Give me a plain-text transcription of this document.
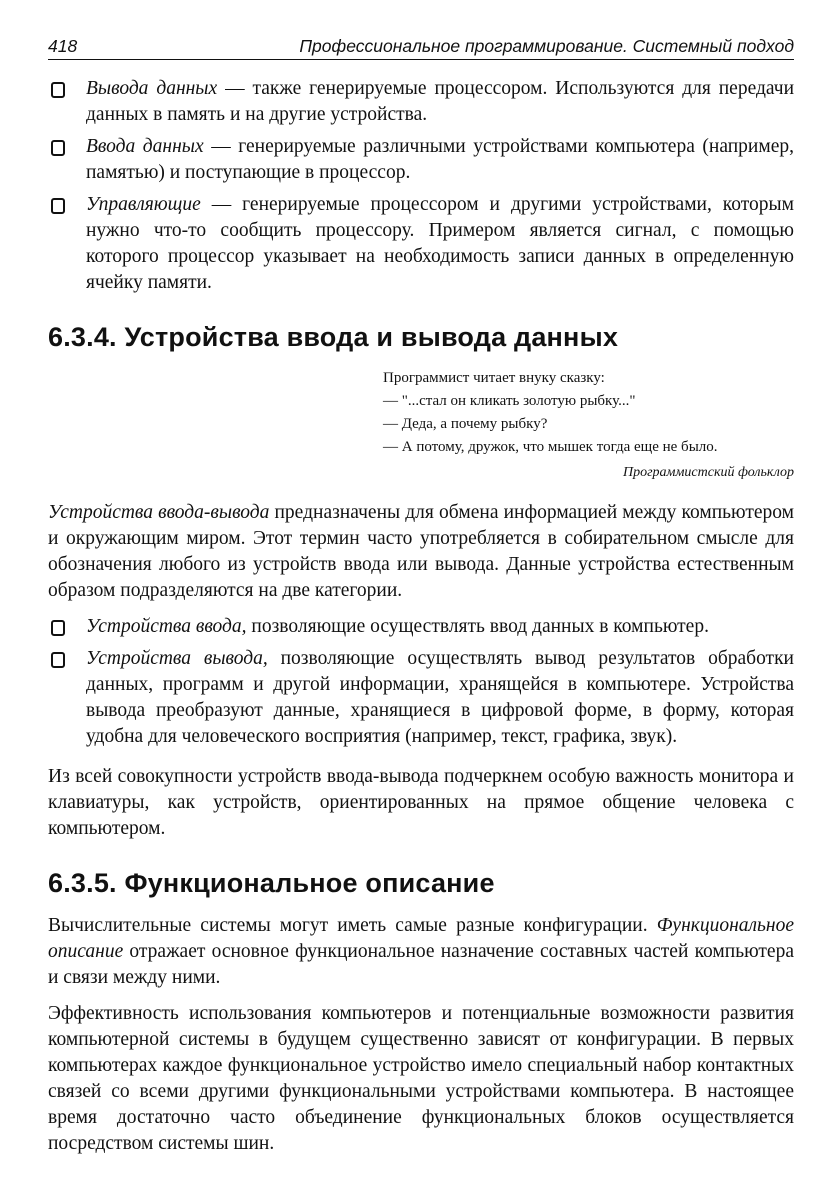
418	Профессиональное программирование. Системный подход
Вывода данных — также генерируемые процессором. Используются для передачи данных в память и на другие устройства.
Ввода данных — генерируемые различными устройствами компьютера (например, памятью) и поступающие в процессор.
Управляющие — генерируемые процессором и другими устройствами, которым нужно что-то сообщить процессору. Примером является сигнал, с помощью которого процессор указывает на необходимость записи данных в определенную ячейку памяти.
6.3.4. Устройства ввода и вывода данных
Программист читает внуку сказку:
— "...стал он кликать золотую рыбку..."
— Деда, а почему рыбку?
— А потому, дружок, что мышек тогда еще не было.
Программистский фольклор

Устройства ввода-вывода предназначены для обмена информацией между компьютером и окружающим миром. Этот термин часто употребляется в собирательном смысле для обозначения любого из устройств ввода или вывода. Данные устройства естественным образом подразделяются на две категории.

Устройства ввода, позволяющие осуществлять ввод данных в компьютер.
Устройства вывода, позволяющие осуществлять вывод результатов обработки данных, программ и другой информации, хранящейся в компьютере. Устройства вывода преобразуют данные, хранящиеся в цифровой форме, в форму, которая удобна для человеческого восприятия (например, текст, графика, звук).

Из всей совокупности устройств ввода-вывода подчеркнем особую важность монитора и клавиатуры, как устройств, ориентированных на прямое общение человека с компьютером.

6.3.5. Функциональное описание

Вычислительные системы могут иметь самые разные конфигурации. Функциональное описание отражает основное функциональное назначение составных частей компьютера и связи между ними.

Эффективность использования компьютеров и потенциальные возможности развития компьютерной системы в будущем существенно зависят от конфигурации. В первых компьютерах каждое функциональное устройство имело специальный набор контактных связей со всеми другими функциональными устройствами компьютера. В настоящее время достаточно часто объединение функциональных блоков осуществляется посредством системы шин.
